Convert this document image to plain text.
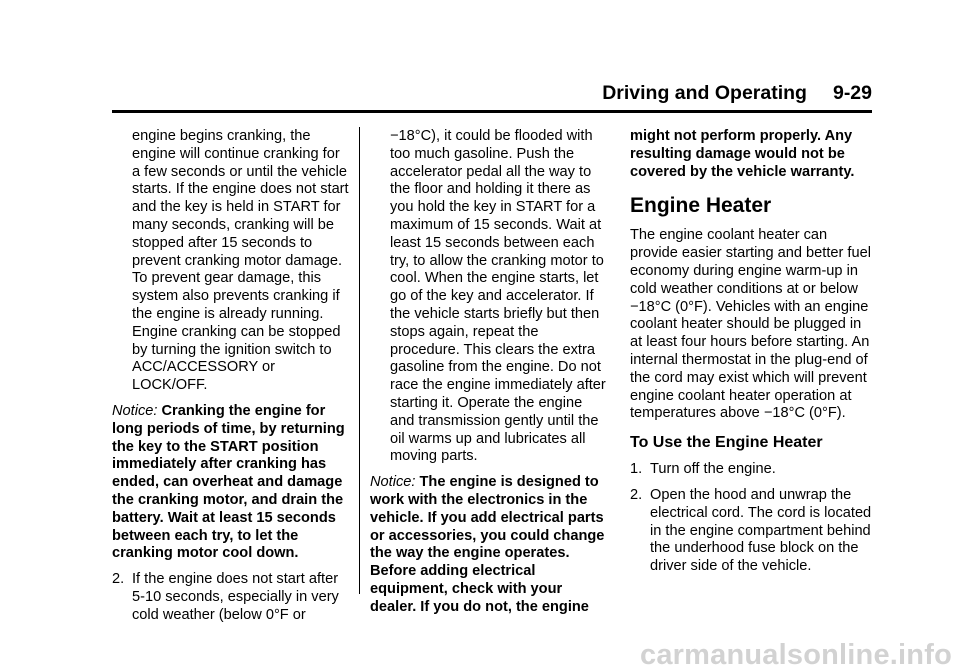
Driving and Operating 9-29

engine begins cranking, the engine will continue cranking for a few seconds or until the vehicle starts. If the engine does not start and the key is held in START for many seconds, cranking will be stopped after 15 seconds to prevent cranking motor damage. To prevent gear damage, this system also prevents cranking if the engine is already running. Engine cranking can be stopped by turning the ignition switch to ACC/ACCESSORY or LOCK/OFF.

Notice: Cranking the engine for long periods of time, by returning the key to the START position immediately after cranking has ended, can overheat and damage the cranking motor, and drain the battery. Wait at least 15 seconds between each try, to let the cranking motor cool down.

2. If the engine does not start after 5-10 seconds, especially in very cold weather (below 0°F or

−18°C), it could be flooded with too much gasoline. Push the accelerator pedal all the way to the floor and holding it there as you hold the key in START for a maximum of 15 seconds. Wait at least 15 seconds between each try, to allow the cranking motor to cool. When the engine starts, let go of the key and accelerator. If the vehicle starts briefly but then stops again, repeat the procedure. This clears the extra gasoline from the engine. Do not race the engine immediately after starting it. Operate the engine and transmission gently until the oil warms up and lubricates all moving parts.

Notice: The engine is designed to work with the electronics in the vehicle. If you add electrical parts or accessories, you could change the way the engine operates. Before adding electrical equipment, check with your dealer. If you do not, the engine

might not perform properly. Any resulting damage would not be covered by the vehicle warranty.

Engine Heater

The engine coolant heater can provide easier starting and better fuel economy during engine warm-up in cold weather conditions at or below −18°C (0°F). Vehicles with an engine coolant heater should be plugged in at least four hours before starting. An internal thermostat in the plug-end of the cord may exist which will prevent engine coolant heater operation at temperatures above −18°C (0°F).

To Use the Engine Heater

1. Turn off the engine.

2. Open the hood and unwrap the electrical cord. The cord is located in the engine compartment behind the underhood fuse block on the driver side of the vehicle.

carmanualsonline.info
